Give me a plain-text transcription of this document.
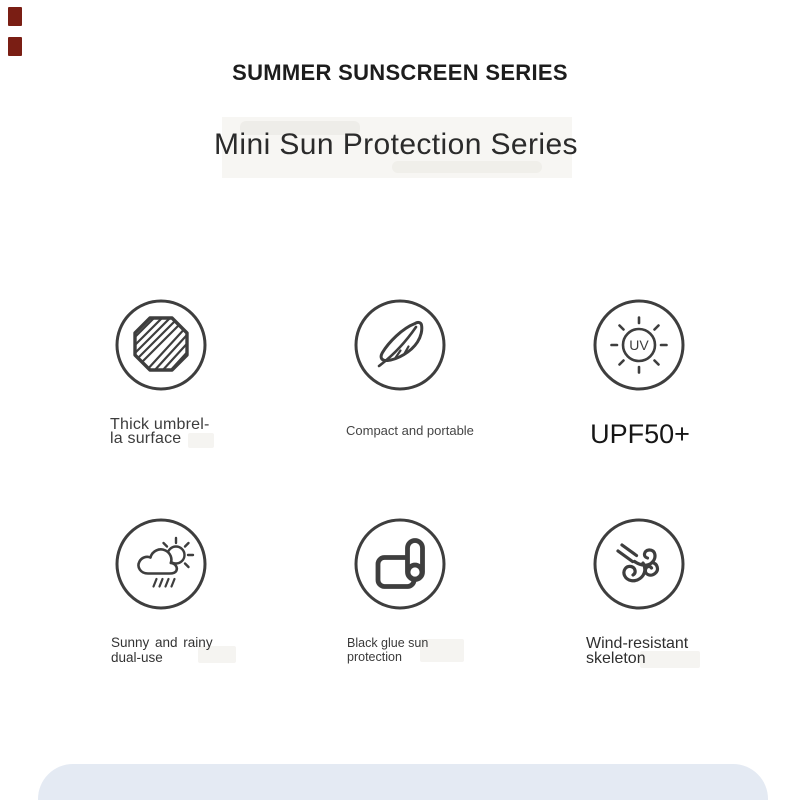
SUMMER SUNSCREEN SERIES
Mini Sun Protection Series
UV
Thick umbrel-
la surface	Compact and portable	UPF50+
Sunny and rainy
dual-use
Black glue sun
protection
Wind-resistant
skeleton
